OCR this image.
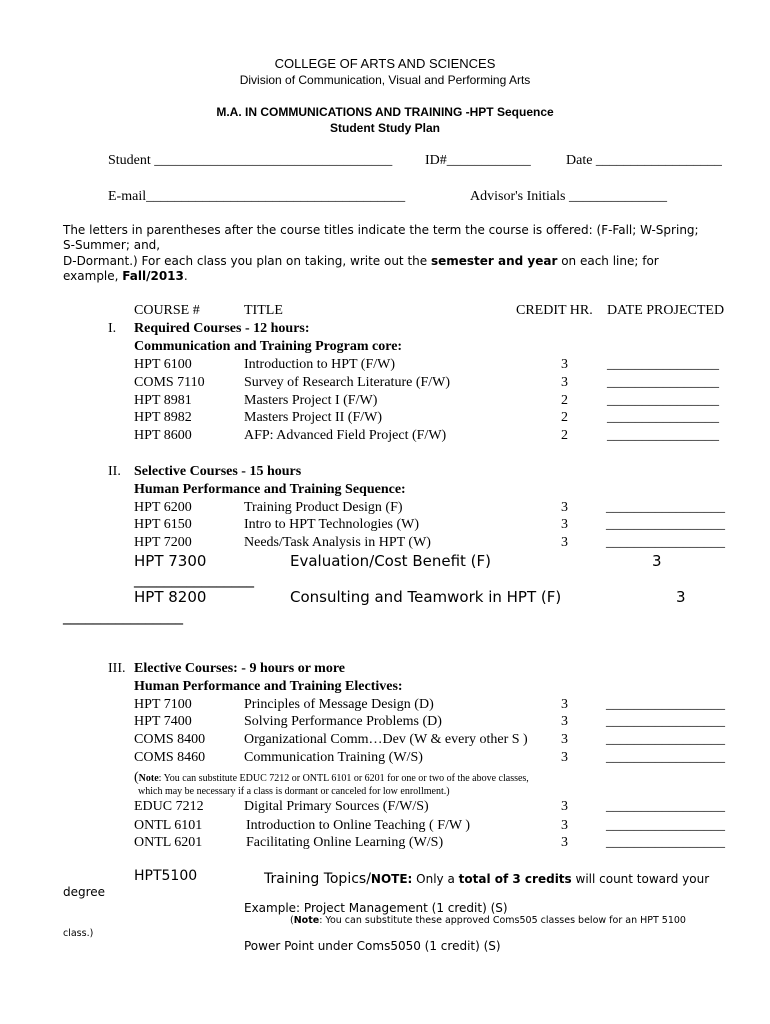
COLLEGE OF ARTS AND SCIENCES
Division of Communication, Visual and Performing Arts
M.A. IN COMMUNICATIONS AND TRAINING -HPT Sequence
Student Study Plan
Student __________________________________ ID#____________	Date __________________
E-mail_____________________________________	Advisor's Initials ______________
The letters in parentheses after the course titles indicate the term the course is offered: (F-Fall; W-Spring;
S-Summer; and,
D-Dormant.) For each class you plan on taking, write out the semester and year on each line; for
example, Fall/2013.
COURSE #	TITLE	CREDIT HR. DATE PROJECTED
I. Required Courses - 12 hours:
Communication and Training Program core:
HPT 6100	Introduction to HPT (F/W)	3	________________
COMS 7110	Survey of Research Literature (F/W)	3	________________
HPT 8981	Masters Project I (F/W)	2	________________
HPT 8982	Masters Project II (F/W)	2	________________
HPT 8600	AFP: Advanced Field Project (F/W)	2	________________
II. Selective Courses - 15 hours
Human Performance and Training Sequence:
HPT 6200	Training Product Design (F)	3	_________________
HPT 6150	Intro to HPT Technologies (W)	3	_________________
HPT 7200	Needs/Task Analysis in HPT (W)	3	_________________
HPT 7300	Evaluation/Cost Benefit (F)	3
________________
HPT 8200	Consulting and Teamwork in HPT (F)	3
________________
III. Elective Courses: - 9 hours or more
Human Performance and Training Electives:
HPT 7100	Principles of Message Design (D)	3	_________________
HPT 7400	Solving Performance Problems (D)	3	_________________
COMS 8400	Organizational Comm…Dev (W & every other S ) 3	_________________
COMS 8460	Communication Training (W/S)	3	_________________
(Note: You can substitute EDUC 7212 or ONTL 6101 or 6201 for one or two of the above classes,
which may be necessary if a class is dormant or canceled for low enrollment.)
EDUC 7212	Digital Primary Sources (F/W/S)	3	_________________
ONTL 6101	Introduction to Online Teaching ( F/W )	3	_________________
ONTL 6201	Facilitating Online Learning (W/S)	3	_________________
HPT5100	Training Topics/NOTE: Only a total of 3 credits will count toward your
degree
Example: Project Management (1 credit) (S)
(Note: You can substitute these approved Coms505 classes below for an HPT 5100
class.)
Power Point under Coms5050 (1 credit) (S)
